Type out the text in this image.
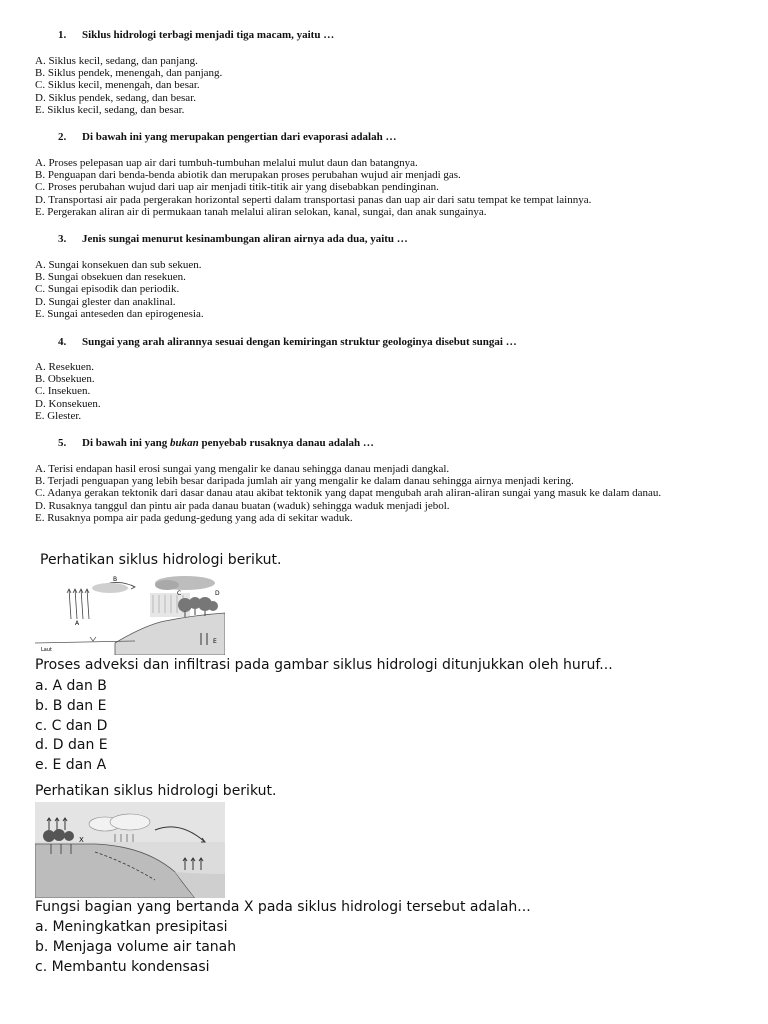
1. Siklus hidrologi terbagi menjadi tiga macam, yaitu …
A. Siklus kecil, sedang, dan panjang.
B. Siklus pendek, menengah, dan panjang.
C. Siklus kecil, menengah, dan besar.
D. Siklus pendek, sedang, dan besar.
E. Siklus kecil, sedang, dan besar.
2. Di bawah ini yang merupakan pengertian dari evaporasi adalah …
A. Proses pelepasan uap air dari tumbuh-tumbuhan melalui mulut daun dan batangnya.
B. Penguapan dari benda-benda abiotik dan merupakan proses perubahan wujud air menjadi gas.
C. Proses perubahan wujud dari uap air menjadi titik-titik air yang disebabkan pendinginan.
D. Transportasi air pada pergerakan horizontal seperti dalam transportasi panas dan uap air dari satu tempat ke tempat lainnya.
E. Pergerakan aliran air di permukaan tanah melalui aliran selokan, kanal, sungai, dan anak sungainya.
3. Jenis sungai menurut kesinambungan aliran airnya ada dua, yaitu …
A. Sungai konsekuen dan sub sekuen.
B. Sungai obsekuen dan resekuen.
C. Sungai episodik dan periodik.
D. Sungai glester dan anaklinal.
E. Sungai anteseden dan epirogenesia.
4. Sungai yang arah alirannya sesuai dengan kemiringan struktur geologinya disebut sungai …
A. Resekuen.
B. Obsekuen.
C. Insekuen.
D. Konsekuen.
E. Glester.
5. Di bawah ini yang bukan penyebab rusaknya danau adalah …
A. Terisi endapan hasil erosi sungai yang mengalir ke danau sehingga danau menjadi dangkal.
B. Terjadi penguapan yang lebih besar daripada jumlah air yang mengalir ke dalam danau sehingga airnya menjadi kering.
C. Adanya gerakan tektonik dari dasar danau atau akibat tektonik yang dapat mengubah arah aliran-aliran sungai yang masuk ke dalam danau.
D. Rusaknya tanggul dan pintu air pada danau buatan (waduk) sehingga waduk menjadi jebol.
E. Rusaknya pompa air pada gedung-gedung yang ada di sekitar waduk.
Perhatikan siklus hidrologi berikut.
B
C	D
A
E
Laut
Proses adveksi dan infiltrasi pada gambar siklus hidrologi ditunjukkan oleh huruf...
a. A dan B
b. B dan E
c. C dan D
d. D dan E
e. E dan A
Perhatikan siklus hidrologi berikut.
X
Fungsi bagian yang bertanda X pada siklus hidrologi tersebut adalah...
a. Meningkatkan presipitasi
b. Menjaga volume air tanah
c. Membantu kondensasi
